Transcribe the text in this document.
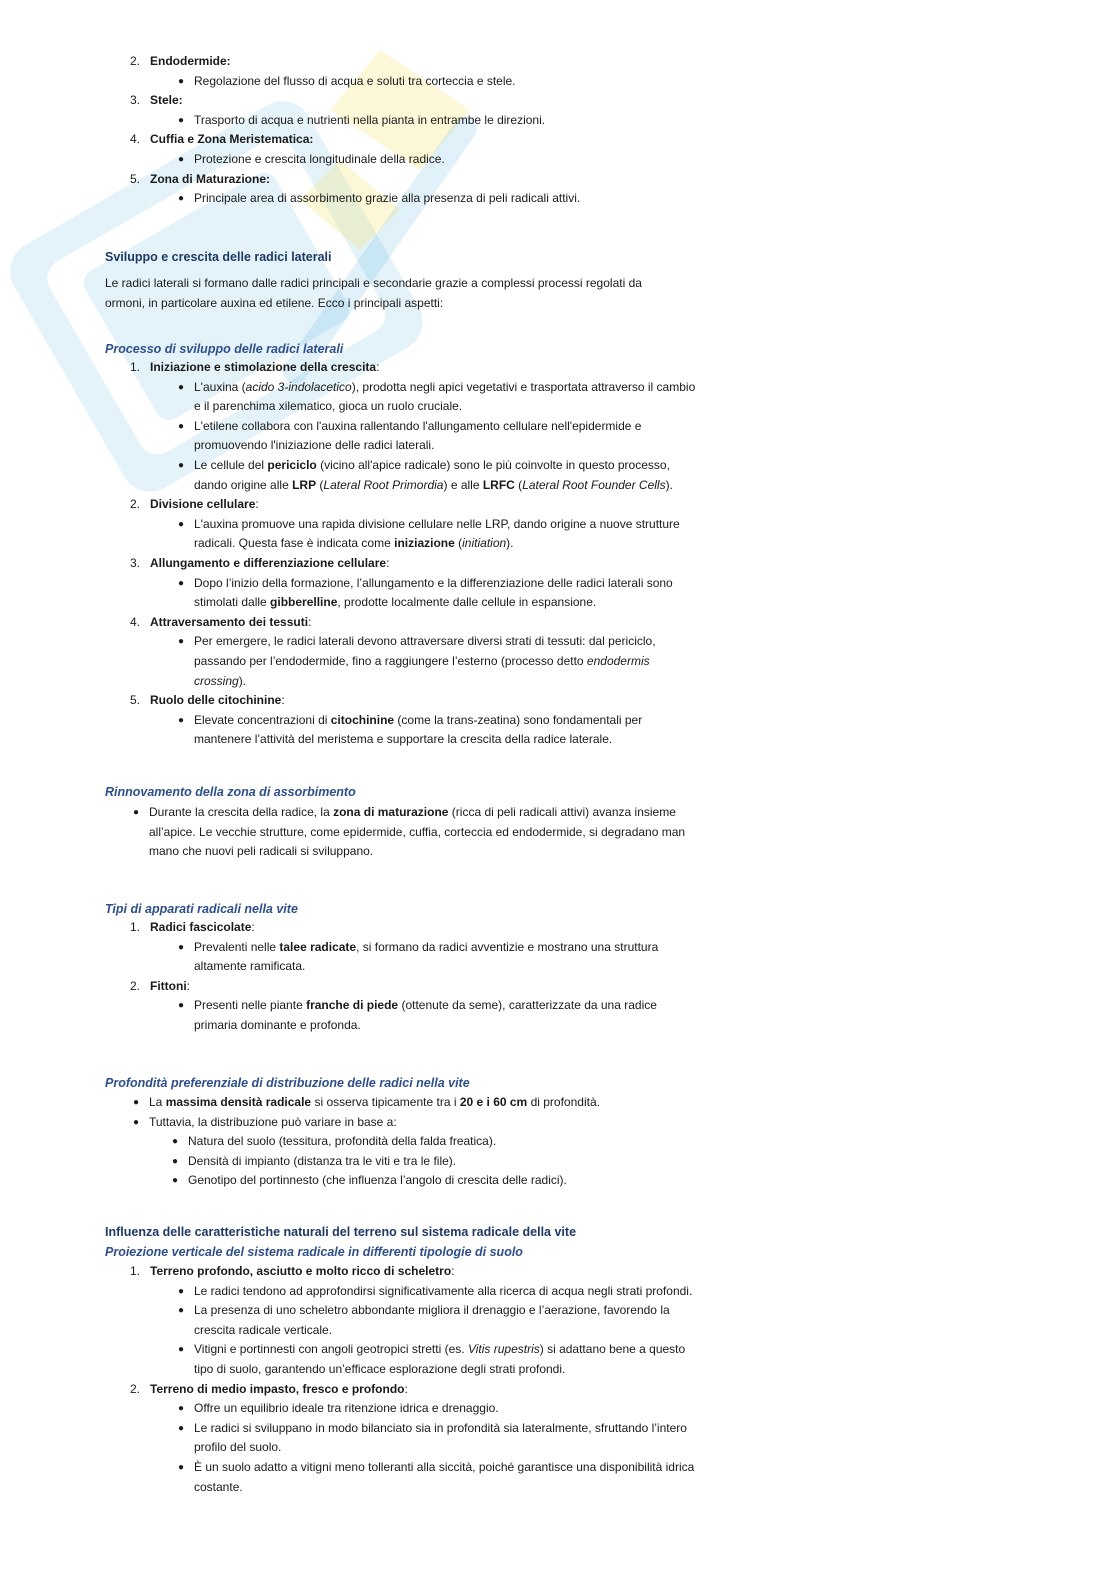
2. Endodermide:
● Regolazione del flusso di acqua e soluti tra corteccia e stele.
3. Stele:
● Trasporto di acqua e nutrienti nella pianta in entrambe le direzioni.
4. Cuffia e Zona Meristematica:
● Protezione e crescita longitudinale della radice.
5. Zona di Maturazione:
● Principale area di assorbimento grazie alla presenza di peli radicali attivi.
Sviluppo e crescita delle radici laterali
Le radici laterali si formano dalle radici principali e secondarie grazie a complessi processi regolati da ormoni, in particolare auxina ed etilene. Ecco i principali aspetti:
Processo di sviluppo delle radici laterali
1. Iniziazione e stimolazione della crescita:
● L'auxina (acido 3-indolacetico), prodotta negli apici vegetativi e trasportata attraverso il cambio e il parenchima xilematico, gioca un ruolo cruciale.
● L'etilene collabora con l'auxina rallentando l'allungamento cellulare nell'epidermide e promuovendo l'iniziazione delle radici laterali.
● Le cellule del periciclo (vicino all'apice radicale) sono le più coinvolte in questo processo, dando origine alle LRP (Lateral Root Primordia) e alle LRFC (Lateral Root Founder Cells).
2. Divisione cellulare:
● L'auxina promuove una rapida divisione cellulare nelle LRP, dando origine a nuove strutture radicali. Questa fase è indicata come iniziazione (initiation).
3. Allungamento e differenziazione cellulare:
● Dopo l’inizio della formazione, l’allungamento e la differenziazione delle radici laterali sono stimolati dalle gibberelline, prodotte localmente dalle cellule in espansione.
4. Attraversamento dei tessuti:
● Per emergere, le radici laterali devono attraversare diversi strati di tessuti: dal periciclo, passando per l’endodermide, fino a raggiungere l’esterno (processo detto endodermis crossing).
5. Ruolo delle citochinine:
● Elevate concentrazioni di citochinine (come la trans-zeatina) sono fondamentali per mantenere l’attività del meristema e supportare la crescita della radice laterale.
Rinnovamento della zona di assorbimento
● Durante la crescita della radice, la zona di maturazione (ricca di peli radicali attivi) avanza insieme all’apice. Le vecchie strutture, come epidermide, cuffia, corteccia ed endodermide, si degradano man mano che nuovi peli radicali si sviluppano.
Tipi di apparati radicali nella vite
1. Radici fascicolate:
● Prevalenti nelle talee radicate, si formano da radici avventizie e mostrano una struttura altamente ramificata.
2. Fittoni:
● Presenti nelle piante franche di piede (ottenute da seme), caratterizzate da una radice primaria dominante e profonda.
Profondità preferenziale di distribuzione delle radici nella vite
● La massima densità radicale si osserva tipicamente tra i 20 e i 60 cm di profondità.
● Tuttavia, la distribuzione può variare in base a:
● Natura del suolo (tessitura, profondità della falda freatica).
● Densità di impianto (distanza tra le viti e tra le file).
● Genotipo del portinnesto (che influenza l’angolo di crescita delle radici).
Influenza delle caratteristiche naturali del terreno sul sistema radicale della vite
Proiezione verticale del sistema radicale in differenti tipologie di suolo
1. Terreno profondo, asciutto e molto ricco di scheletro:
● Le radici tendono ad approfondirsi significativamente alla ricerca di acqua negli strati profondi.
● La presenza di uno scheletro abbondante migliora il drenaggio e l’aerazione, favorendo la crescita radicale verticale.
● Vitigni e portinnesti con angoli geotropici stretti (es. Vitis rupestris) si adattano bene a questo tipo di suolo, garantendo un’efficace esplorazione degli strati profondi.
2. Terreno di medio impasto, fresco e profondo:
● Offre un equilibrio ideale tra ritenzione idrica e drenaggio.
● Le radici si sviluppano in modo bilanciato sia in profondità sia lateralmente, sfruttando l’intero profilo del suolo.
● È un suolo adatto a vitigni meno tolleranti alla siccità, poiché garantisce una disponibilità idrica costante.
